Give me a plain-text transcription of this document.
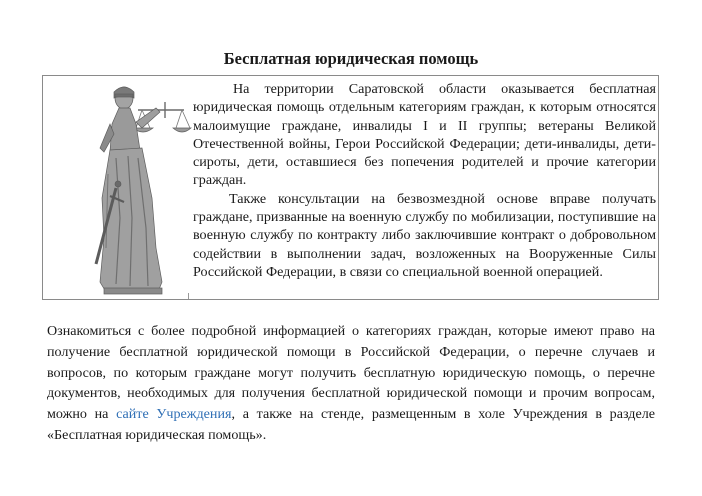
Бесплатная юридическая помощь

На территории Саратовской области оказывается бесплатная юридическая помощь отдельным категориям граждан, к которым относятся малоимущие граждане, инвалиды I и II группы; ветераны Великой Отечественной войны, Герои Российской Федерации; дети-инвалиды, дети-сироты, дети, оставшиеся без попечения родителей и прочие категории граждан.

Также консультации на безвозмездной основе вправе получать граждане, призванные на военную службу по мобилизации, поступившие на военную службу по контракту либо заключившие контракт о добровольном содействии в выполнении задач, возложенных на Вооруженные Силы Российской Федерации, в связи со специальной военной операцией.

Ознакомиться с более подробной информацией о категориях граждан, которые имеют право на получение бесплатной юридической помощи в Российской Федерации, о перечне случаев и вопросов, по которым граждане могут получить бесплатную юридическую помощь, о перечне документов, необходимых для получения бесплатной юридической помощи и прочим вопросам, можно на сайте Учреждения, а также на стенде, размещенным в холе Учреждения в разделе «Бесплатная юридическая помощь».
